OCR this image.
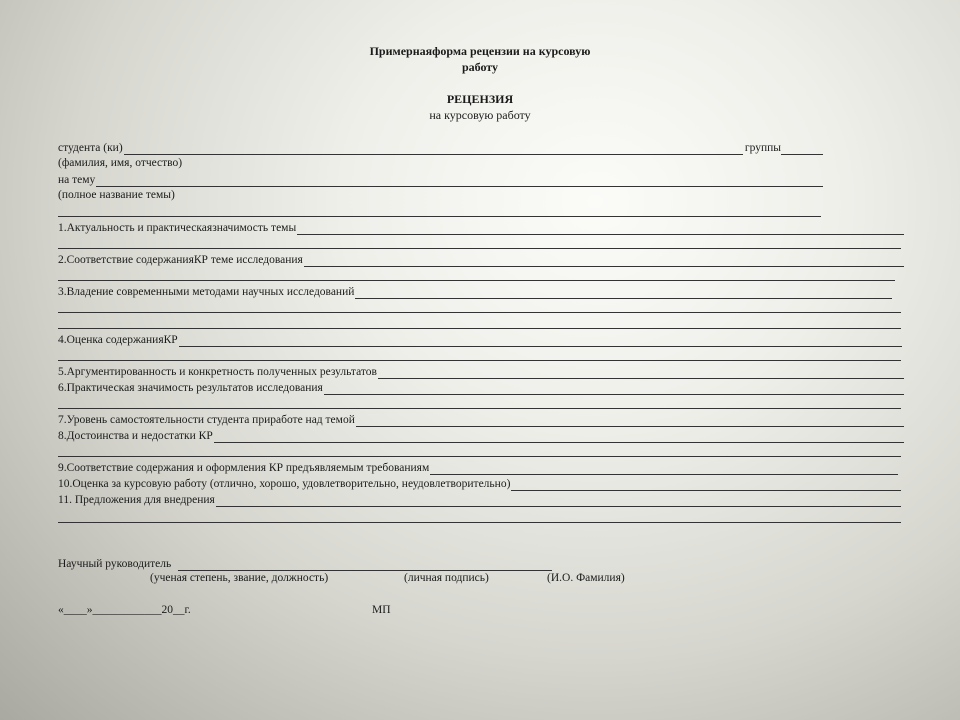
Примернаяформа рецензии на курсовую
работу
РЕЦЕНЗИЯ
на курсовую работу
студента (ки)	группы
(фамилия, имя, отчество)
на тему
(полное название темы)
1.Актуальность и практическаязначимость темы
2.Соответствие содержанияКР теме исследования
3.Владение современными методами научных исследований
4.Оценка содержанияКР
5.Аргументированность и конкретность полученных результатов
6.Практическая значимость результатов исследования
7.Уровень самостоятельности студента приработе над темой
8.Достоинства и недостатки КР
9.Соответствие содержания и оформления КР предъявляемым требованиям
10.Оценка за курсовую работу (отлично, хорошо, удовлетворительно, неудовлетворительно)
11. Предложения для внедрения
Научный руководитель
(ученая степень, звание, должность)	(личная подпись)	(И.О. Фамилия)
«____»____________20__г.	МП
